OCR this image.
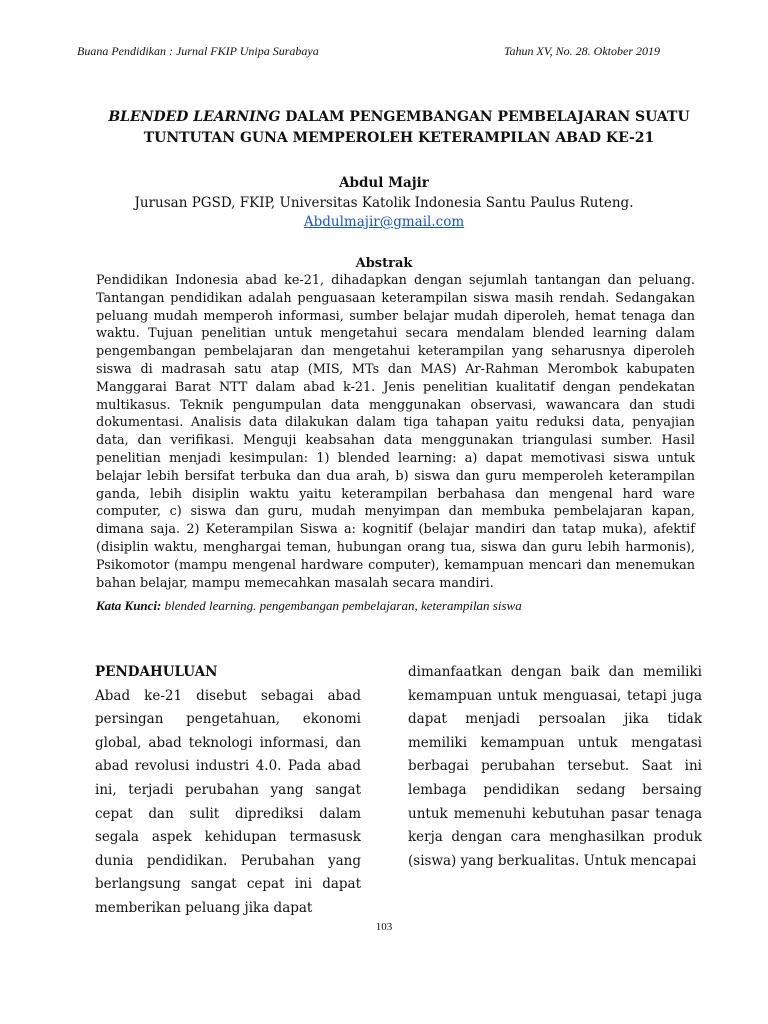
Buana Pendidikan : Jurnal FKIP Unipa Surabaya	Tahun XV, No. 28. Oktober 2019
BLENDED LEARNING DALAM PENGEMBANGAN PEMBELAJARAN SUATU TUNTUTAN GUNA MEMPEROLEH KETERAMPILAN ABAD KE-21
Abdul Majir
Jurusan PGSD, FKIP, Universitas Katolik Indonesia Santu Paulus Ruteng.
Abdulmajir@gmail.com
Abstrak
Pendidikan Indonesia abad ke-21, dihadapkan dengan sejumlah tantangan dan peluang. Tantangan pendidikan adalah penguasaan keterampilan siswa masih rendah. Sedangakan peluang mudah memperoh informasi, sumber belajar mudah diperoleh, hemat tenaga dan waktu. Tujuan penelitian untuk mengetahui secara mendalam blended learning dalam pengembangan pembelajaran dan mengetahui keterampilan yang seharusnya diperoleh siswa di madrasah satu atap (MIS, MTs dan MAS) Ar-Rahman Merombok kabupaten Manggarai Barat NTT dalam abad k-21. Jenis penelitian kualitatif dengan pendekatan multikasus. Teknik pengumpulan data menggunakan observasi, wawancara dan studi dokumentasi. Analisis data dilakukan dalam tiga tahapan yaitu reduksi data, penyajian data, dan verifikasi. Menguji keabsahan data menggunakan triangulasi sumber. Hasil penelitian menjadi kesimpulan: 1) blended learning: a) dapat memotivasi siswa untuk belajar lebih bersifat terbuka dan dua arah, b) siswa dan guru memperoleh keterampilan ganda, lebih disiplin waktu yaitu keterampilan berbahasa dan mengenal hard ware computer, c) siswa dan guru, mudah menyimpan dan membuka pembelajaran kapan, dimana saja. 2) Keterampilan Siswa a: kognitif (belajar mandiri dan tatap muka), afektif (disiplin waktu, menghargai teman, hubungan orang tua, siswa dan guru lebih harmonis), Psikomotor (mampu mengenal hardware computer), kemampuan mencari dan menemukan bahan belajar, mampu memecahkan masalah secara mandiri.
Kata Kunci: blended learning. pengembangan pembelajaran, keterampilan siswa

PENDAHULUAN

Abad ke-21 disebut sebagai abad persingan pengetahuan, ekonomi global, abad teknologi informasi, dan abad revolusi industri 4.0. Pada abad ini, terjadi perubahan yang sangat cepat dan sulit diprediksi dalam segala aspek kehidupan termasusk dunia pendidikan. Perubahan yang berlangsung sangat cepat ini dapat memberikan peluang jika dapat

dimanfaatkan dengan baik dan memiliki kemampuan untuk menguasai, tetapi juga dapat menjadi persoalan jika tidak memiliki kemampuan untuk mengatasi berbagai perubahan tersebut. Saat ini lembaga pendidikan sedang bersaing untuk memenuhi kebutuhan pasar tenaga kerja dengan cara menghasilkan produk (siswa) yang berkualitas. Untuk mencapai

103
